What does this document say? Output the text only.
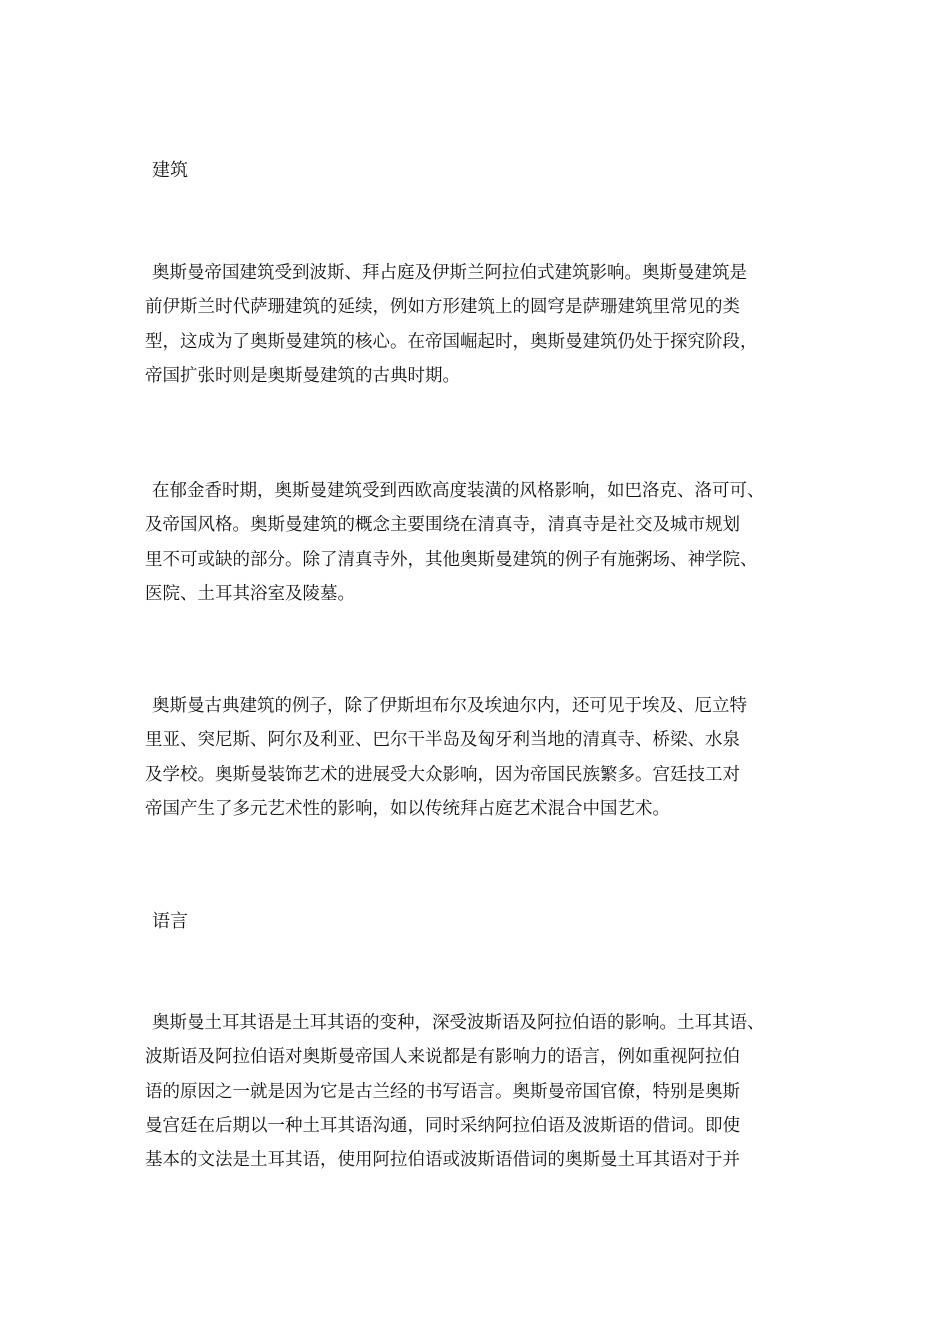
建筑
奥斯曼帝国建筑受到波斯、拜占庭及伊斯兰阿拉伯式建筑影响。奥斯曼建筑是
前伊斯兰时代萨珊建筑的延续，例如方形建筑上的圆穹是萨珊建筑里常见的类
型，这成为了奥斯曼建筑的核心。在帝国崛起时，奥斯曼建筑仍处于探究阶段，
帝国扩张时则是奥斯曼建筑的古典时期。
在郁金香时期，奥斯曼建筑受到西欧高度装潢的风格影响，如巴洛克、洛可可、
及帝国风格。奥斯曼建筑的概念主要围绕在清真寺，清真寺是社交及城市规划
里不可或缺的部分。除了清真寺外，其他奥斯曼建筑的例子有施粥场、神学院、
医院、土耳其浴室及陵墓。
奥斯曼古典建筑的例子，除了伊斯坦布尔及埃迪尔内，还可见于埃及、厄立特
里亚、突尼斯、阿尔及利亚、巴尔干半岛及匈牙利当地的清真寺、桥梁、水泉
及学校。奥斯曼装饰艺术的进展受大众影响，因为帝国民族繁多。宫廷技工对
帝国产生了多元艺术性的影响，如以传统拜占庭艺术混合中国艺术。
语言
奥斯曼土耳其语是土耳其语的变种，深受波斯语及阿拉伯语的影响。土耳其语、
波斯语及阿拉伯语对奥斯曼帝国人来说都是有影响力的语言，例如重视阿拉伯
语的原因之一就是因为它是古兰经的书写语言。奥斯曼帝国官僚，特别是奥斯
曼宫廷在后期以一种土耳其语沟通，同时采纳阿拉伯语及波斯语的借词。即使
基本的文法是土耳其语，使用阿拉伯语或波斯语借词的奥斯曼土耳其语对于并
